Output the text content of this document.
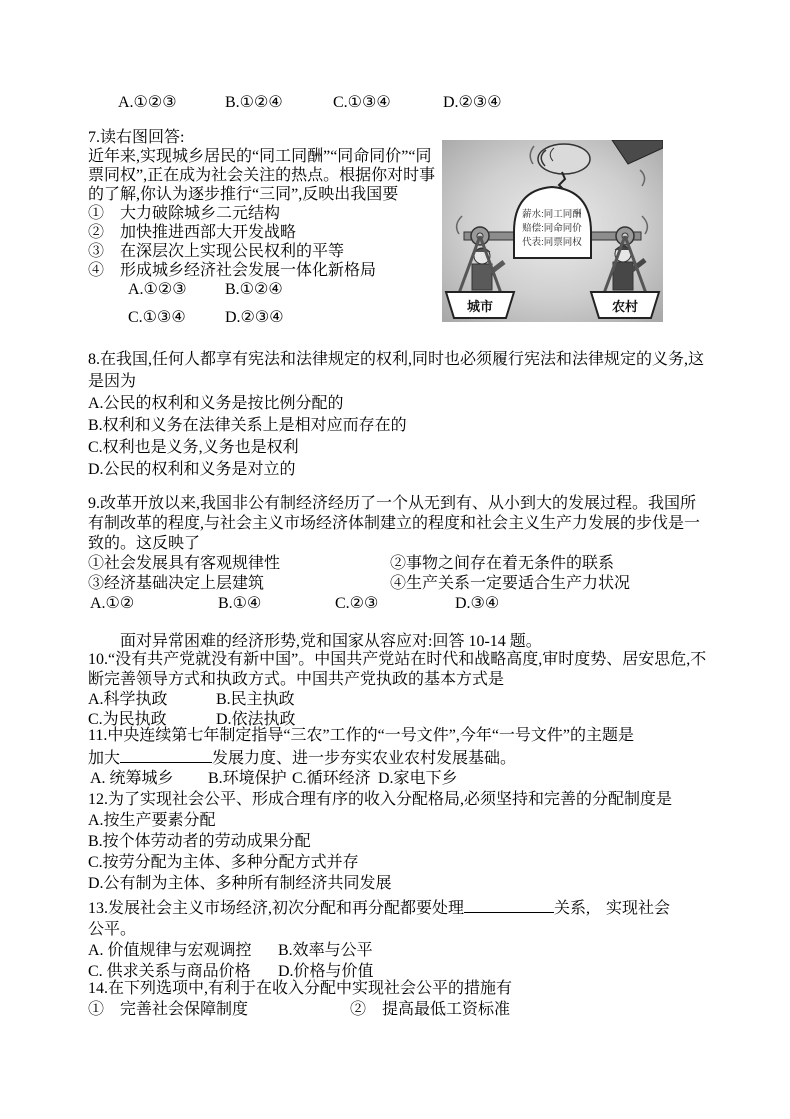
A.①②③	B.①②④	C.①③④	D.②③④
7.读右图回答:
近年来,实现城乡居民的“同工同酬”“同命同价”“同票同权”,正在成为社会关注的热点。根据你对时事的了解,你认为逐步推行“三同”,反映出我国要
①　大力破除城乡二元结构
②　加快推进西部大开发战略
③　在深层次上实现公民权利的平等
④　形成城乡经济社会发展一体化新格局
A.①②③ B.①②④
C.①③④ D.②③④
薪水:同工同酬
赔偿:同命同价
代表:同票同权
城市	农村
8.在我国,任何人都享有宪法和法律规定的权利,同时也必须履行宪法和法律规定的义务,这是因为
A.公民的权利和义务是按比例分配的
B.权利和义务在法律关系上是相对应而存在的
C.权利也是义务,义务也是权利
D.公民的权利和义务是对立的
9.改革开放以来,我国非公有制经济经历了一个从无到有、从小到大的发展过程。我国所有制改革的程度,与社会主义市场经济体制建立的程度和社会主义生产力发展的步伐是一致的。这反映了
①社会发展具有客观规律性	②事物之间存在着无条件的联系
③经济基础决定上层建筑	④生产关系一定要适合生产力状况
A.①②	B.①④	C.②③	D.③④
面对异常困难的经济形势,党和国家从容应对:回答 10-14 题。
10.“没有共产党就没有新中国”。中国共产党站在时代和战略高度,审时度势、居安思危,不断完善领导方式和执政方式。中国共产党执政的基本方式是
A.科学执政	B.民主执政
C.为民执政	D.依法执政
11.中央连续第七年制定指导“三农”工作的“一号文件”,今年“一号文件”的主题是
加大	发展力度、进一步夯实农业农村发展基础。
A. 统筹城乡 B.环境保护 C.循环经济 D.家电下乡
12.为了实现社会公平、形成合理有序的收入分配格局,必须坚持和完善的分配制度是
A.按生产要素分配
B.按个体劳动者的劳动成果分配
C.按劳分配为主体、多种分配方式并存
D.公有制为主体、多种所有制经济共同发展
13.发展社会主义市场经济,初次分配和再分配都要处理	关系,　实现社会
公平。
A. 价值规律与宏观调控 B.效率与公平
C. 供求关系与商品价格 D.价格与价值
14.在下列选项中,有利于在收入分配中实现社会公平的措施有
①　完善社会保障制度	②　提高最低工资标准
